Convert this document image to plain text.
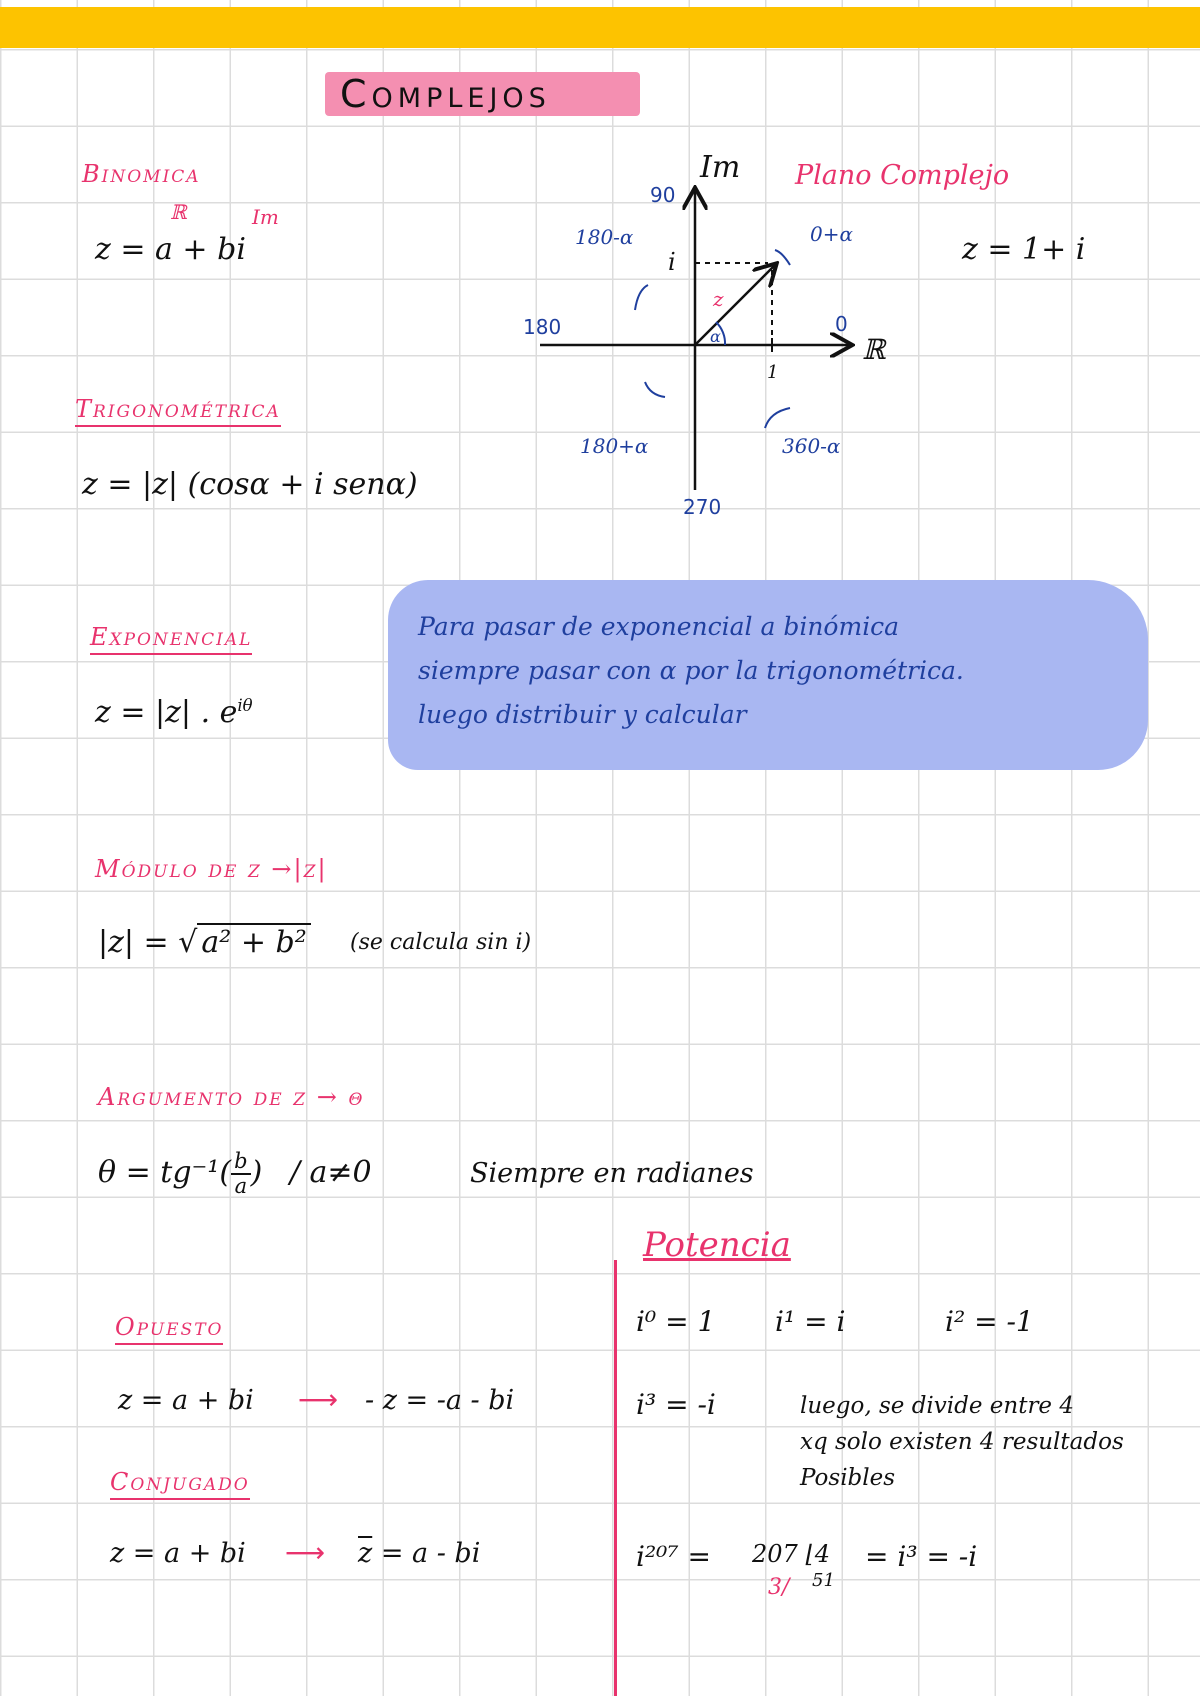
Complejos
Binomica
ℝ	Im
z = a + bi
Plano Complejo
z = 1+ i
Im
ℝ
90
180
270
0
180-α	0+α
180+α	360-α
i
1
z
α
Trigonométrica
z = |z| (cosα + i senα)
Exponencial
z = |z| . $e^{i\theta}$
Para pasar de exponencial a binómica
siempre pasar con α por la trigonométrica.
luego distribuir y calcular
Módulo de z →|z|
|z| = √ a² + b² (se calcula sin i)
Argumento de z → θ
$\theta = tg^{-1}( \frac{b}{a}$ ) / a≠0	Siempre en radianes
Potencia
i⁰ = 1 i¹ = i	i² = -1
i³ = -i	luego, se divide entre 4
xq solo existen 4 resultados
Posibles
i²⁰⁷ = 207 ⌊4
51
3/
= i³ = -i
Opuesto
z = a + bi ⟶ - z = -a - bi
Conjugado
z = a + bi ⟶ $\overline{z} = a$ - bi
